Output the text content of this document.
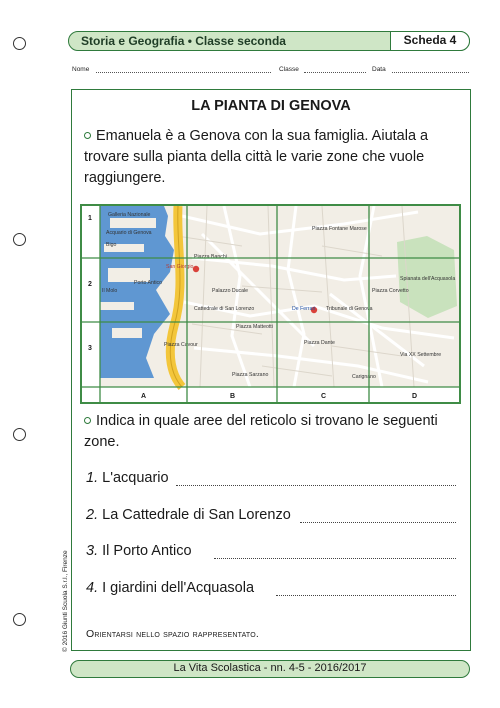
Storia e Geografia • Classe seconda	Scheda 4
Nome	Classe	Data
LA PIANTA DI GENOVA
Emanuela è a Genova con la sua famiglia. Aiutala a trovare sulla pianta della città le varie zone che vuole raggiungere.
Galleria Nazionale
Acquario di Genova
Bigo
Porto Antico
Il Molo
San Giorgio
Cattedrale di San Lorenzo
Palazzo Ducale
Piazza Dante
De Ferrari Tribunale di Genova
Spianata dell'Acquasola
Piazza Corvetto
Carignano
Piazza Fontane Marose
Piazza Sarzano
Via XX Settembre
Piazza Banchi
Piazza Matteotti
Piazza Cavour
1
2
3
A	B	C	D
Indica in quale aree del reticolo si trovano le seguenti zone.
1. L'acquario
2. La Cattedrale di San Lorenzo
3. Il Porto Antico
4. I giardini dell'Acquasola
Orientarsi nello spazio rappresentato.
© 2016 Giunti Scuola S.r.l., Firenze
La Vita Scolastica - nn. 4-5 - 2016/2017
